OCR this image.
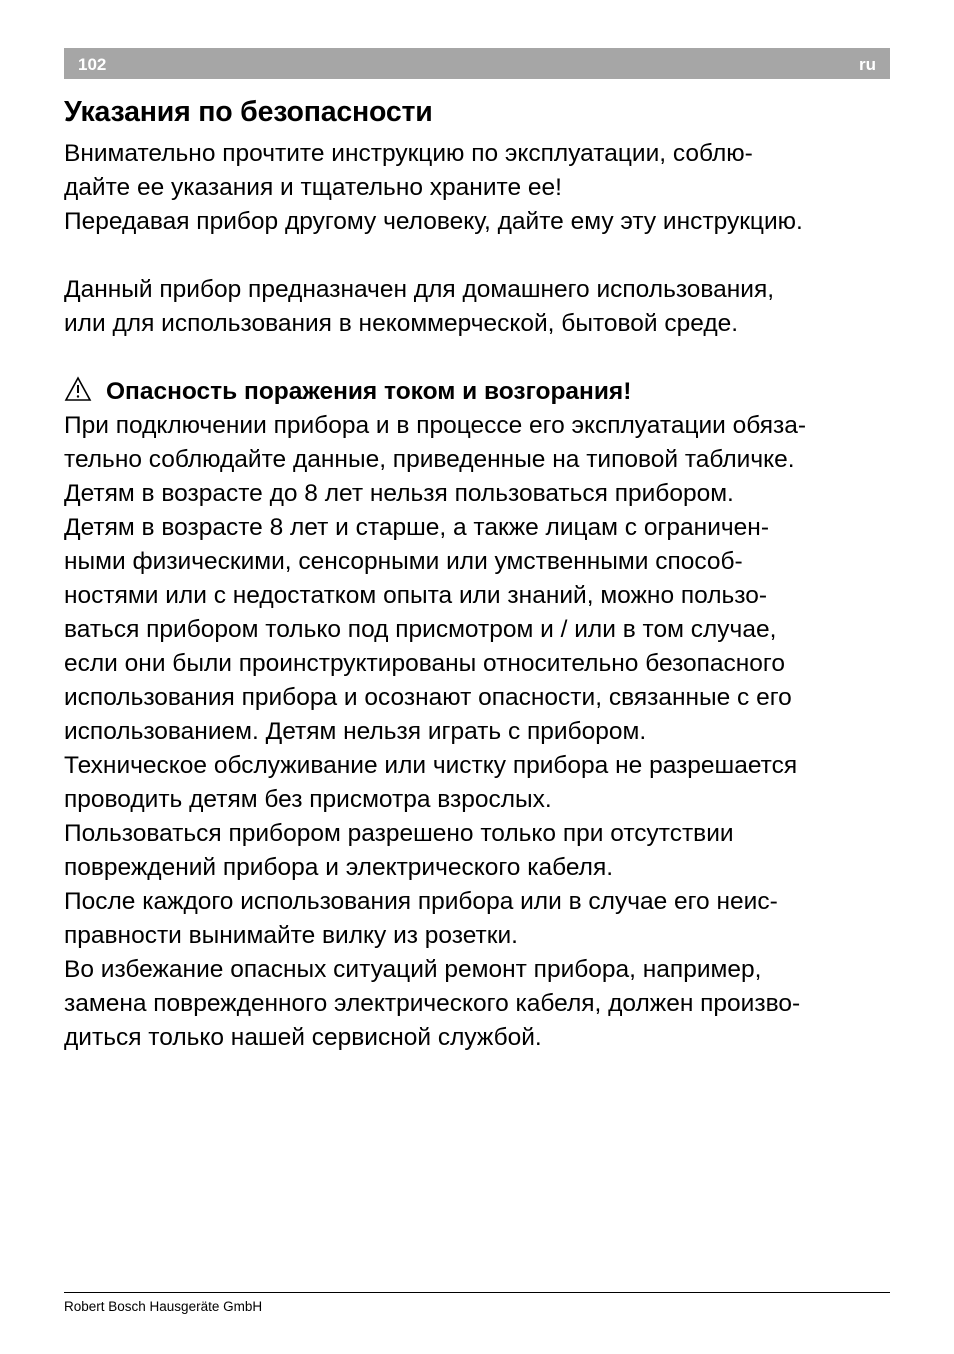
102	ru
Указания по безопасности
Внимательно прочтите инструкцию по эксплуатации, соблю-
дайте ее указания и тщательно храните ее!
Передавая прибор другому человеку, дайте ему эту инструкцию.
Данный прибор предназначен для домашнего использования,
или для использования в некоммерческой, бытовой среде.
Опасность поражения током и возгорания!
При подключении прибора и в процессе его эксплуатации обяза-
тельно соблюдайте данные, приведенные на типовой табличке.
Детям в возрасте до 8 лет нельзя пользоваться прибором.
Детям в возрасте 8 лет и старше, а также лицам с ограничен-
ными физическими, сенсорными или умственными способ-
ностями или с недостатком опыта или знаний, можно пользо-
ваться прибором только под присмотром и / или в том случае,
если они были проинструктированы относительно безопасного
использования прибора и осознают опасности, связанные с его
использованием. Детям нельзя играть с прибором.
Техническое обслуживание или чистку прибора не разрешается
проводить детям без присмотра взрослых.
Пользоваться прибором разрешено только при отсутствии
повреждений прибора и электрического кабеля.
После каждого использования прибора или в случае его неис-
правности вынимайте вилку из розетки.
Во избежание опасных ситуаций ремонт прибора, например,
замена поврежденного электрического кабеля, должен произво-
диться только нашей сервисной службой.
Robert Bosch Hausgeräte GmbH
